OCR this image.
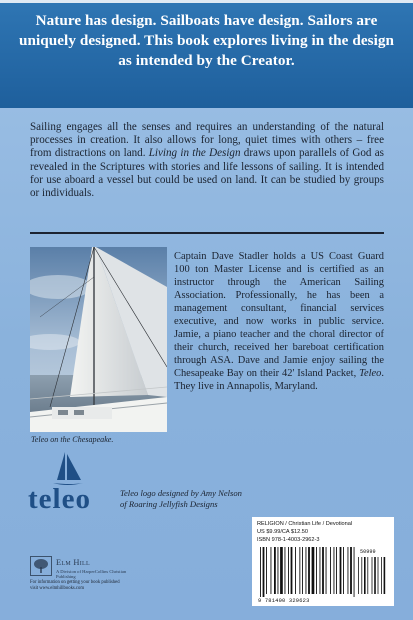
Nature has design. Sailboats have design. Sailors are uniquely designed. This book explores living in the design as intended by the Creator.
Sailing engages all the senses and requires an understanding of the natural processes in creation. It also allows for long, quiet times with others – free from distractions on land. Living in the Design draws upon parallels of God as revealed in the Scriptures with stories and life lessons of sailing. It is intended for use aboard a vessel but could be used on land. It can be studied by groups or individuals.
Teleo on the Chesapeake.
Captain Dave Stadler holds a US Coast Guard 100 ton Master License and is certified as an instructor through the American Sailing Association. Professionally, he has been a management consultant, financial services executive, and now works in public service. Jamie, a piano teacher and the choral director of their church, received her bareboat certification through ASA. Dave and Jamie enjoy sailing the Chesapeake Bay on their 42' Island Packet, Teleo. They live in Annapolis, Maryland.
teleo	Teleo logo designed by Amy Nelson
of Roaring Jellyfish Designs
Elm Hill
A Division of HarperCollins Christian Publishing
For information on getting your book published
visit www.elmhillbooks.com
RELIGION / Christian Life / Devotional
US $9.99/CA $12.50
ISBN 978-1-4003-2962-3
50999
9 781400 329623
